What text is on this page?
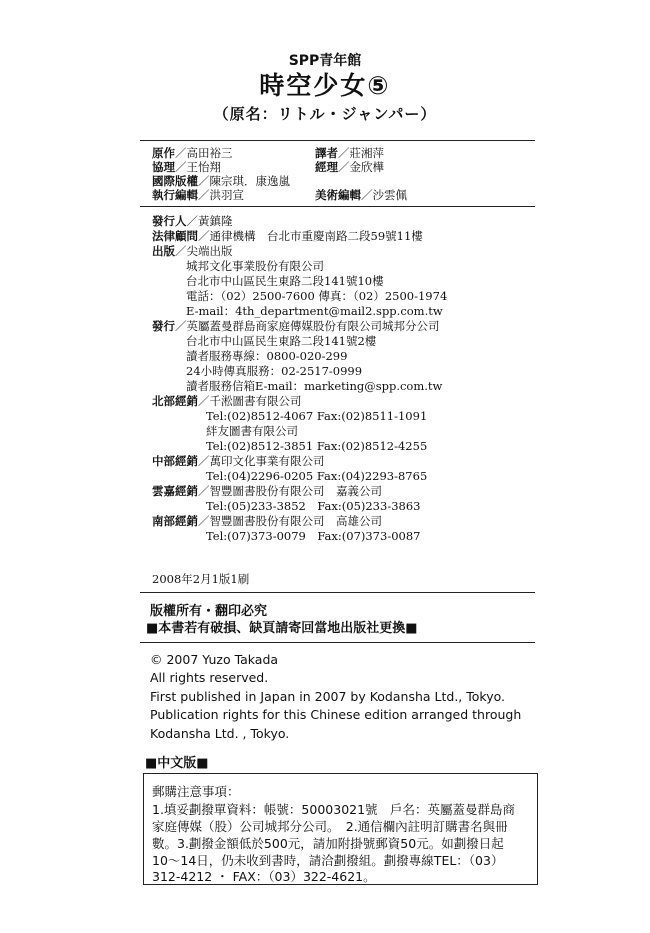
SPP青年館
時空少女⑤
（原名：リトル・ジャンパー）
原作／高田裕三	譯者／莊湘萍
協理／王怡翔	經理／金欣樺
國際版權／陳宗琪．康逸嵐
執行編輯／洪羽宣	美術編輯／沙雲佩
發行人／黃鎮隆
法律顧問／通律機構　台北市重慶南路二段59號11樓
出版／尖端出版
城邦文化事業股份有限公司
台北市中山區民生東路二段141號10樓
電話：（02）2500-7600 傳真：（02）2500-1974
E-mail：4th_department@mail2.spp.com.tw
發行／英屬蓋曼群島商家庭傳媒股份有限公司城邦分公司
台北市中山區民生東路二段141號2樓
讀者服務專線：0800-020-299
24小時傳真服務：02-2517-0999
讀者服務信箱E-mail：marketing@spp.com.tw
北部經銷／千淞圖書有限公司
Tel:(02)8512-4067 Fax:(02)8511-1091
絆友圖書有限公司
Tel:(02)8512-3851 Fax:(02)8512-4255
中部經銷／萬印文化事業有限公司
Tel:(04)2296-0205 Fax:(04)2293-8765
雲嘉經銷／智豐圖書股份有限公司　嘉義公司
Tel:(05)233-3852　Fax:(05)233-3863
南部經銷／智豐圖書股份有限公司　高雄公司
Tel:(07)373-0079　Fax:(07)373-0087
2008年2月1版1刷
版權所有・翻印必究
■本書若有破損、缺頁請寄回當地出版社更換■
© 2007 Yuzo Takada
All rights reserved.
First published in Japan in 2007 by Kodansha Ltd., Tokyo.
Publication rights for this Chinese edition arranged through
Kodansha Ltd. , Tokyo.
■中文版■
郵購注意事項：
1.填妥劃撥單資料：帳號：50003021號　戶名：英屬蓋曼群島商
家庭傳媒（股）公司城邦分公司。　2.通信欄內註明訂購書名與冊
數。3.劃撥金額低於500元，請加附掛號郵資50元。如劃撥日起
10～14日，仍未收到書時，請洽劃撥組。劃撥專線TEL：（03）
312-4212 ・ FAX：（03）322-4621。
